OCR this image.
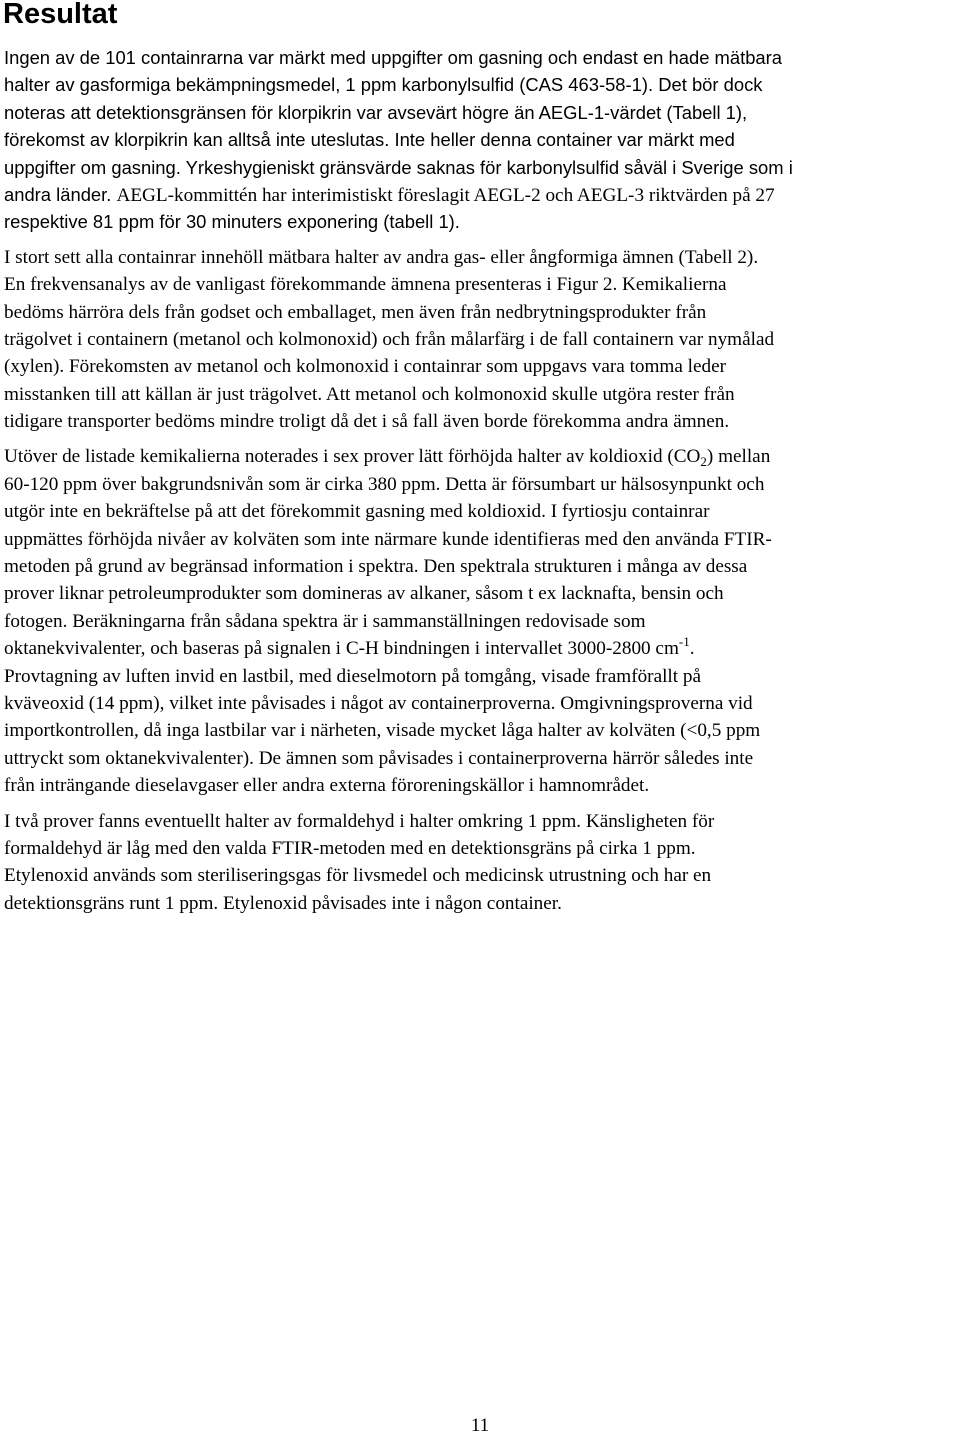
Resultat

Ingen av de 101 containrarna var märkt med uppgifter om gasning och endast en hade mätbara
halter av gasformiga bekämpningsmedel, 1 ppm karbonylsulfid (CAS 463-58-1). Det bör dock
noteras att detektionsgränsen för klorpikrin var avsevärt högre än AEGL-1-värdet (Tabell 1),
förekomst av klorpikrin kan alltså inte uteslutas. Inte heller denna container var märkt med
uppgifter om gasning. Yrkeshygieniskt gränsvärde saknas för karbonylsulfid såväl i Sverige som i
andra länder. AEGL-kommittén har interimistiskt föreslagit AEGL-2 och AEGL-3 riktvärden på 27
respektive 81 ppm för 30 minuters exponering (tabell 1).

I stort sett alla containrar innehöll mätbara halter av andra gas- eller ångformiga ämnen (Tabell 2).
En frekvensanalys av de vanligast förekommande ämnena presenteras i Figur 2. Kemikalierna
bedöms härröra dels från godset och emballaget, men även från nedbrytningsprodukter från
trägolvet i containern (metanol och kolmonoxid) och från målarfärg i de fall containern var nymålad
(xylen). Förekomsten av metanol och kolmonoxid i containrar som uppgavs vara tomma leder
misstanken till att källan är just trägolvet. Att metanol och kolmonoxid skulle utgöra rester från
tidigare transporter bedöms mindre troligt då det i så fall även borde förekomma andra ämnen.

Utöver de listade kemikalierna noterades i sex prover lätt förhöjda halter av koldioxid $(CO_2)$ mellan
60-120 ppm över bakgrundsnivån som är cirka 380 ppm. Detta är försumbart ur hälsosynpunkt och
utgör inte en bekräftelse på att det förekommit gasning med koldioxid. I fyrtiosju containrar
uppmättes förhöjda nivåer av kolväten som inte närmare kunde identifieras med den använda FTIR-
metoden på grund av begränsad information i spektra. Den spektrala strukturen i många av dessa
prover liknar petroleumprodukter som domineras av alkaner, såsom t ex lacknafta, bensin och
fotogen. Beräkningarna från sådana spektra är i sammanställningen redovisade som
oktanekvivalenter, och baseras på signalen i C-H bindningen i intervallet 3000-2800 $cm^{-1}$.
Provtagning av luften invid en lastbil, med dieselmotorn på tomgång, visade framförallt på
kväveoxid (14 ppm), vilket inte påvisades i något av containerproverna. Omgivningsproverna vid
importkontrollen, då inga lastbilar var i närheten, visade mycket låga halter av kolväten (<0,5 ppm
uttryckt som oktanekvivalenter). De ämnen som påvisades i containerproverna härrör således inte
från inträngande dieselavgaser eller andra externa föroreningskällor i hamnområdet.

I två prover fanns eventuellt halter av formaldehyd i halter omkring 1 ppm. Känsligheten för
formaldehyd är låg med den valda FTIR-metoden med en detektionsgräns på cirka 1 ppm.
Etylenoxid används som steriliseringsgas för livsmedel och medicinsk utrustning och har en
detektionsgräns runt 1 ppm. Etylenoxid påvisades inte i någon container.

11
